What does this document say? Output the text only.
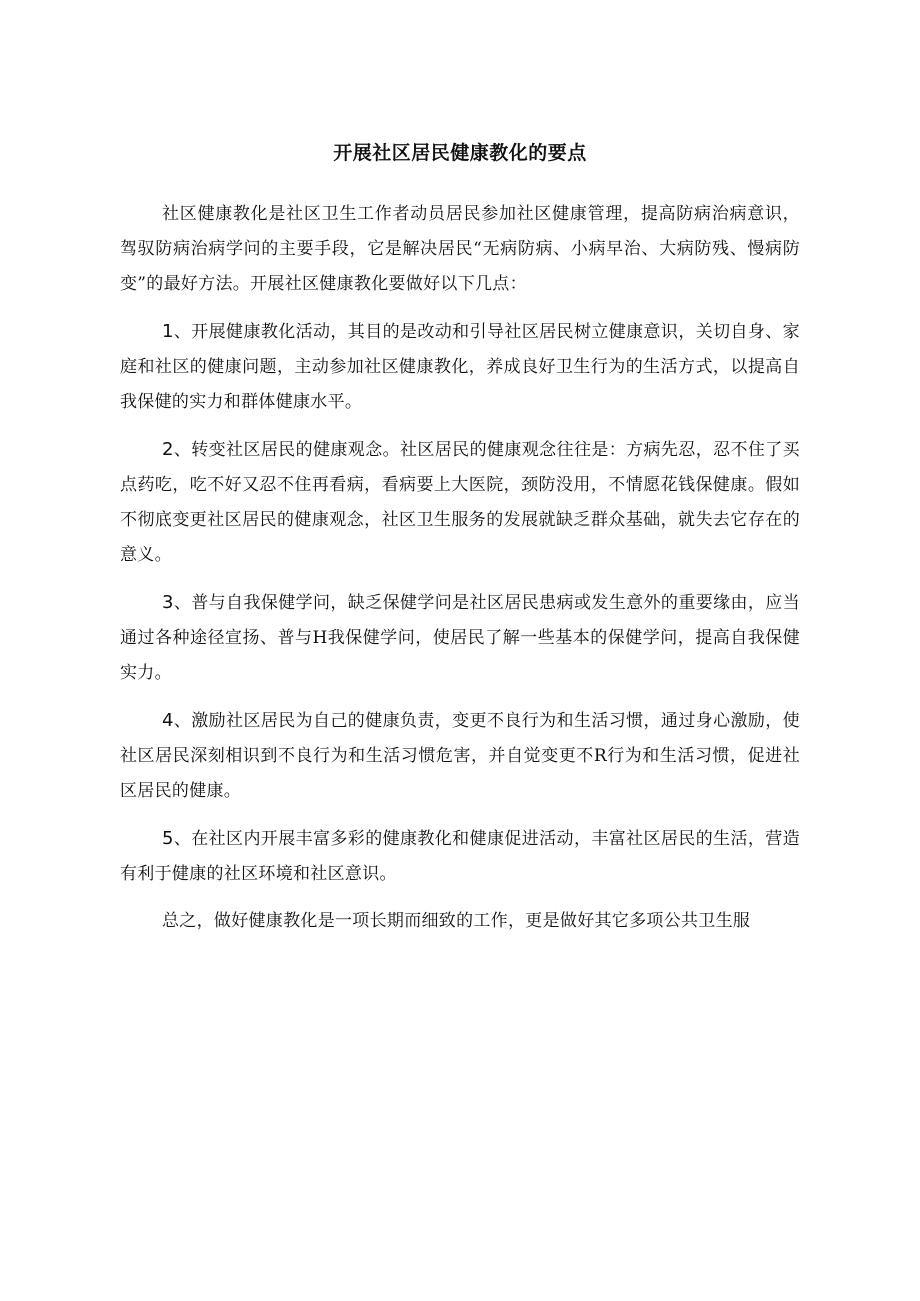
开展社区居民健康教化的要点

社区健康教化是社区卫生工作者动员居民参加社区健康管理，提高防病治病意识，驾驭防病治病学问的主要手段，它是解决居民“无病防病、小病早治、大病防残、慢病防变”的最好方法。开展社区健康教化要做好以下几点：

1、开展健康教化活动，其目的是改动和引导社区居民树立健康意识，关切自身、家庭和社区的健康问题，主动参加社区健康教化，养成良好卫生行为的生活方式，以提高自我保健的实力和群体健康水平。

2、转变社区居民的健康观念。社区居民的健康观念往往是：方病先忍，忍不住了买点药吃，吃不好又忍不住再看病，看病要上大医院，颈防没用，不情愿花钱保健康。假如不彻底变更社区居民的健康观念，社区卫生服务的发展就缺乏群众基础，就失去它存在的意义。

3、普与自我保健学问，缺乏保健学问是社区居民患病或发生意外的重要缘由，应当通过各种途径宣扬、普与H我保健学问，使居民了解一些基本的保健学问，提高自我保健实力。

4、激励社区居民为自己的健康负责，变更不良行为和生活习惯，通过身心激励，使社区居民深刻相识到不良行为和生活习惯危害，并自觉变更不R行为和生活习惯，促进社区居民的健康。

5、在社区内开展丰富多彩的健康教化和健康促进活动，丰富社区居民的生活，营造有利于健康的社区环境和社区意识。

总之，做好健康教化是一项长期而细致的工作，更是做好其它多项公共卫生服
